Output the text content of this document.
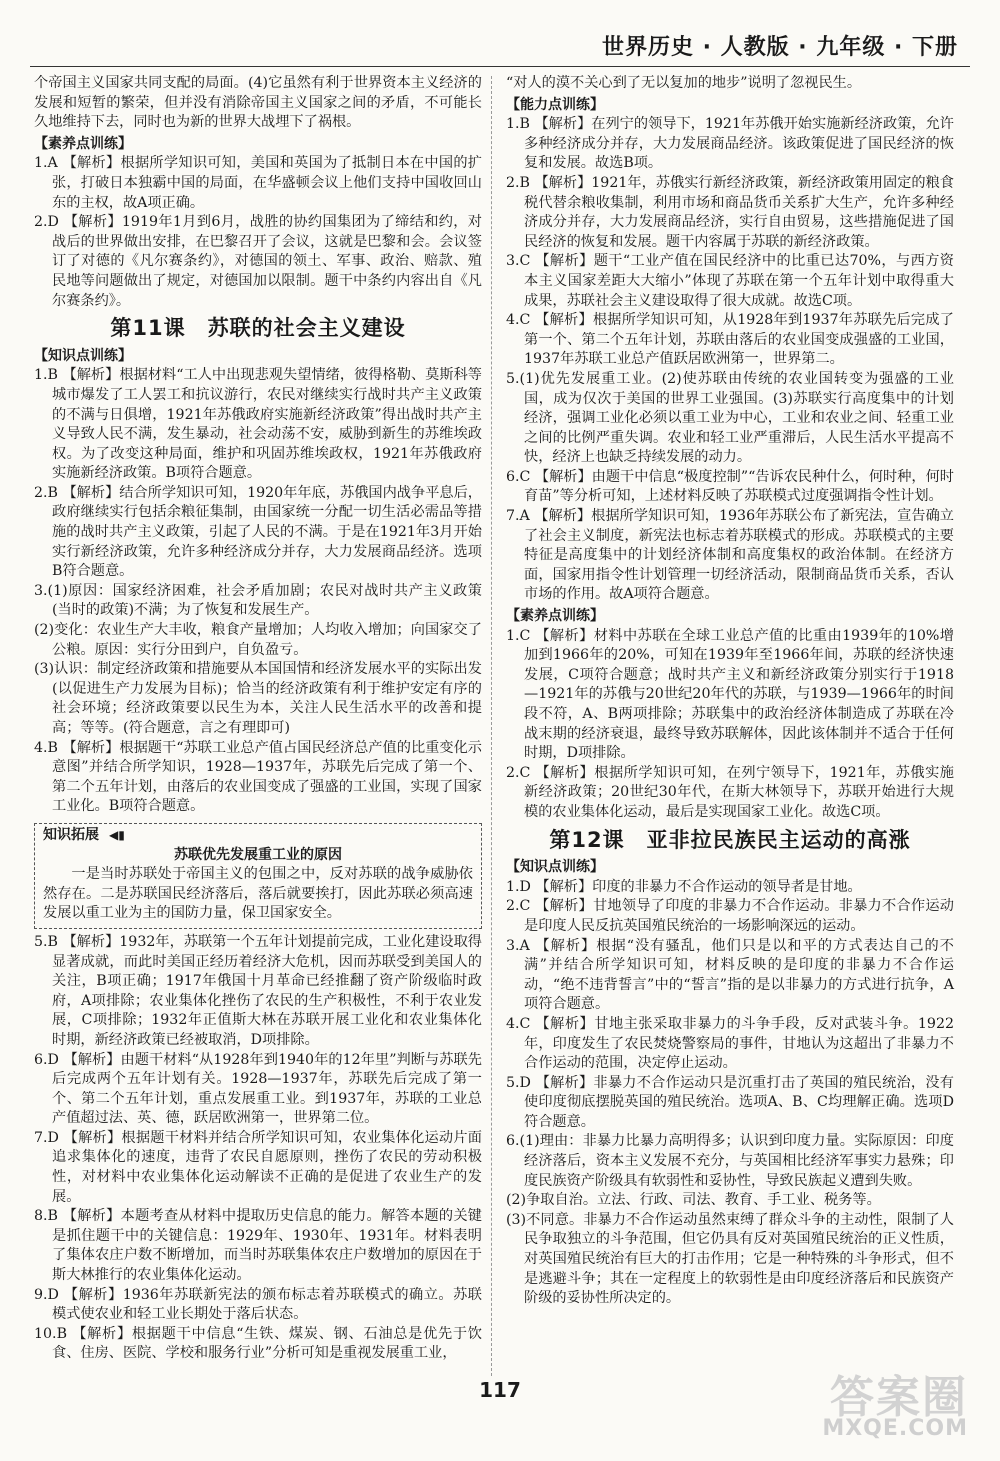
世界历史 · 人教版 · 九年级 · 下册

个帝国主义国家共同支配的局面。(4)它虽然有利于世界资本主义经济的发展和短暂的繁荣，但并没有消除帝国主义国家之间的矛盾，不可能长久地维持下去，同时也为新的世界大战埋下了祸根。

【素养点训练】

1.A 【解析】根据所学知识可知，美国和英国为了抵制日本在中国的扩张，打破日本独霸中国的局面，在华盛顿会议上他们支持中国收回山东的主权，故A项正确。

2.D 【解析】1919年1月到6月，战胜的协约国集团为了缔结和约，对战后的世界做出安排，在巴黎召开了会议，这就是巴黎和会。会议签订了对德的《凡尔赛条约》，对德国的领土、军事、政治、赔款、殖民地等问题做出了规定，对德国加以限制。题干中条约内容出自《凡尔赛条约》。

第11课　苏联的社会主义建设

【知识点训练】

1.B 【解析】根据材料“工人中出现悲观失望情绪，彼得格勒、莫斯科等城市爆发了工人罢工和抗议游行，农民对继续实行战时共产主义政策的不满与日俱增，1921年苏俄政府实施新经济政策”得出战时共产主义导致人民不满，发生暴动，社会动荡不安，威胁到新生的苏维埃政权。为了改变这种局面，维护和巩固苏维埃政权，1921年苏俄政府实施新经济政策。B项符合题意。

2.B 【解析】结合所学知识可知，1920年年底，苏俄国内战争平息后，政府继续实行包括余粮征集制，由国家统一分配一切生活必需品等措施的战时共产主义政策，引起了人民的不满。于是在1921年3月开始实行新经济政策，允许多种经济成分并存，大力发展商品经济。选项B符合题意。

3.(1)原因：国家经济困难，社会矛盾加剧；农民对战时共产主义政策(当时的政策)不满；为了恢复和发展生产。

(2)变化：农业生产大丰收，粮食产量增加；人均收入增加；向国家交了公粮。原因：实行分田到户，自负盈亏。

(3)认识：制定经济政策和措施要从本国国情和经济发展水平的实际出发(以促进生产力发展为目标)；恰当的经济政策有利于维护安定有序的社会环境；经济政策要以民生为本，关注人民生活水平的改善和提高；等等。(符合题意，言之有理即可)

4.B 【解析】根据题干“苏联工业总产值占国民经济总产值的比重变化示意图”并结合所学知识，1928—1937年，苏联先后完成了第一个、第二个五年计划，由落后的农业国变成了强盛的工业国，实现了国家工业化。B项符合题意。

知识拓展 ◀▮

苏联优先发展重工业的原因

一是当时苏联处于帝国主义的包围之中，反对苏联的战争威胁依然存在。二是苏联国民经济落后，落后就要挨打，因此苏联必须高速发展以重工业为主的国防力量，保卫国家安全。

5.B 【解析】1932年，苏联第一个五年计划提前完成，工业化建设取得显著成就，而此时美国正经历着经济大危机，因而苏联受到美国人的关注，B项正确；1917年俄国十月革命已经推翻了资产阶级临时政府，A项排除；农业集体化挫伤了农民的生产积极性，不利于农业发展，C项排除；1932年正值斯大林在苏联开展工业化和农业集体化时期，新经济政策已经被取消，D项排除。

6.D 【解析】由题干材料“从1928年到1940年的12年里”判断与苏联先后完成两个五年计划有关。1928—1937年，苏联先后完成了第一个、第二个五年计划，重点发展重工业。到1937年，苏联的工业总产值超过法、英、德，跃居欧洲第一，世界第二位。

7.D 【解析】根据题干材料并结合所学知识可知，农业集体化运动片面追求集体化的速度，违背了农民自愿原则，挫伤了农民的劳动积极性，对材料中农业集体化运动解读不正确的是促进了农业生产的发展。

8.B 【解析】本题考查从材料中提取历史信息的能力。解答本题的关键是抓住题干中的关键信息：1929年、1930年、1931年。材料表明了集体农庄户数不断增加，而当时苏联集体农庄户数增加的原因在于斯大林推行的农业集体化运动。

9.D 【解析】1936年苏联新宪法的颁布标志着苏联模式的确立。苏联模式使农业和轻工业长期处于落后状态。

10.B 【解析】根据题干中信息“生铁、煤炭、钢、石油总是优先于饮食、住房、医院、学校和服务行业”分析可知是重视发展重工业，

“对人的漠不关心到了无以复加的地步”说明了忽视民生。

【能力点训练】

1.B 【解析】在列宁的领导下，1921年苏俄开始实施新经济政策，允许多种经济成分并存，大力发展商品经济。该政策促进了国民经济的恢复和发展。故选B项。

2.B 【解析】1921年，苏俄实行新经济政策，新经济政策用固定的粮食税代替余粮收集制，利用市场和商品货币关系扩大生产，允许多种经济成分并存，大力发展商品经济，实行自由贸易，这些措施促进了国民经济的恢复和发展。题干内容属于苏联的新经济政策。

3.C 【解析】题干“工业产值在国民经济中的比重已达70%，与西方资本主义国家差距大大缩小”体现了苏联在第一个五年计划中取得重大成果，苏联社会主义建设取得了很大成就。故选C项。

4.C 【解析】根据所学知识可知，从1928年到1937年苏联先后完成了第一个、第二个五年计划，苏联由落后的农业国变成强盛的工业国，1937年苏联工业总产值跃居欧洲第一，世界第二。

5.(1)优先发展重工业。(2)使苏联由传统的农业国转变为强盛的工业国，成为仅次于美国的世界工业强国。(3)苏联实行高度集中的计划经济，强调工业化必须以重工业为中心，工业和农业之间、轻重工业之间的比例严重失调。农业和轻工业严重滞后，人民生活水平提高不快，经济上也缺乏持续发展的动力。

6.C 【解析】由题干中信息“极度控制”“告诉农民种什么，何时种，何时育苗”等分析可知，上述材料反映了苏联模式过度强调指令性计划。

7.A 【解析】根据所学知识可知，1936年苏联公布了新宪法，宣告确立了社会主义制度，新宪法也标志着苏联模式的形成。苏联模式的主要特征是高度集中的计划经济体制和高度集权的政治体制。在经济方面，国家用指令性计划管理一切经济活动，限制商品货币关系，否认市场的作用。故A项符合题意。

【素养点训练】

1.C 【解析】材料中苏联在全球工业总产值的比重由1939年的10%增加到1966年的20%，可知在1939年至1966年间，苏联的经济快速发展，C项符合题意；战时共产主义和新经济政策分别实行于1918—1921年的苏俄与20世纪20年代的苏联，与1939—1966年的时间段不符，A、B两项排除；苏联集中的政治经济体制造成了苏联在冷战末期的经济衰退，最终导致苏联解体，因此该体制并不适合于任何时期，D项排除。

2.C 【解析】根据所学知识可知，在列宁领导下，1921年，苏俄实施新经济政策；20世纪30年代，在斯大林领导下，苏联开始进行大规模的农业集体化运动，最后是实现国家工业化。故选C项。

第12课　亚非拉民族民主运动的高涨

【知识点训练】

1.D 【解析】印度的非暴力不合作运动的领导者是甘地。

2.C 【解析】甘地领导了印度的非暴力不合作运动。非暴力不合作运动是印度人民反抗英国殖民统治的一场影响深远的运动。

3.A 【解析】根据“没有骚乱，他们只是以和平的方式表达自己的不满”并结合所学知识可知，材料反映的是印度的非暴力不合作运动，“绝不违背誓言”中的“誓言”指的是以非暴力的方式进行抗争，A项符合题意。

4.C 【解析】甘地主张采取非暴力的斗争手段，反对武装斗争。1922年，印度发生了农民焚烧警察局的事件，甘地认为这超出了非暴力不合作运动的范围，决定停止运动。

5.D 【解析】非暴力不合作运动只是沉重打击了英国的殖民统治，没有使印度彻底摆脱英国的殖民统治。选项A、B、C均理解正确。选项D符合题意。

6.(1)理由：非暴力比暴力高明得多；认识到印度力量。实际原因：印度经济落后，资本主义发展不充分，与英国相比经济军事实力悬殊；印度民族资产阶级具有软弱性和妥协性，导致民族起义遭到失败。

(2)争取自治。立法、行政、司法、教育、手工业、税务等。

(3)不同意。非暴力不合作运动虽然束缚了群众斗争的主动性，限制了人民争取独立的斗争范围，但它仍具有反对英国殖民统治的正义性质，对英国殖民统治有巨大的打击作用；它是一种特殊的斗争形式，但不是逃避斗争；其在一定程度上的软弱性是由印度经济落后和民族资产阶级的妥协性所决定的。

117	答案圈
MXQE.COM
